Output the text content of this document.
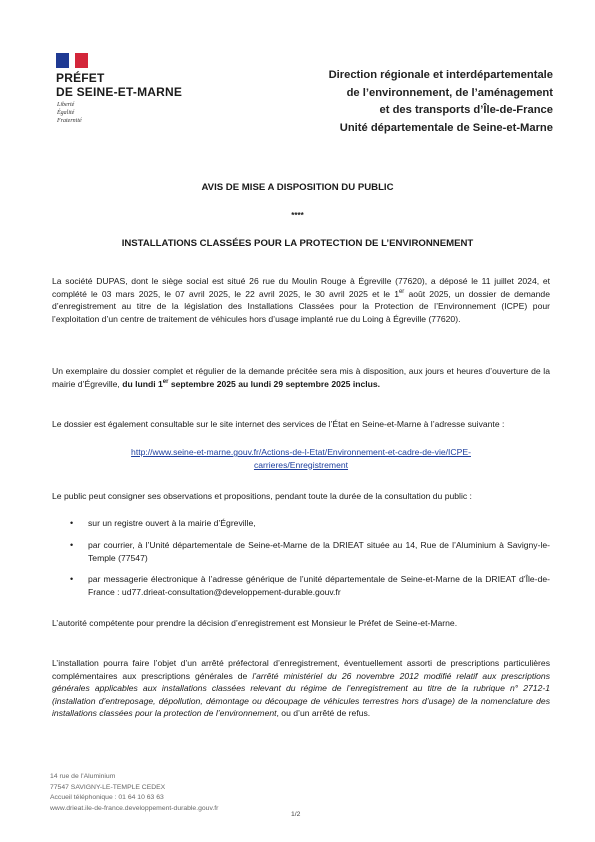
PRÉFET
DE SEINE-ET-MARNE
Liberté
Égalité
Fraternité
Direction régionale et interdépartementale
de l’environnement, de l’aménagement
et des transports d’Île-de-France
Unité départementale de Seine-et-Marne
AVIS DE MISE A DISPOSITION DU PUBLIC
****
INSTALLATIONS CLASSÉES POUR LA PROTECTION DE L’ENVIRONNEMENT
La société DUPAS, dont le siège social est situé 26 rue du Moulin Rouge à Égreville (77620), a déposé le 11 juillet 2024, et complété le 03 mars 2025, le 07 avril 2025, le 22 avril 2025, le 30 avril 2025 et le 1er août 2025, un dossier de demande d’enregistrement au titre de la législation des Installations Classées pour la Protection de l’Environnement (ICPE) pour l’exploitation d’un centre de traitement de véhicules hors d’usage implanté rue du Loing à Égreville (77620).
Un exemplaire du dossier complet et régulier de la demande précitée sera mis à disposition, aux jours et heures d’ouverture de la mairie d’Égreville, du lundi 1er septembre 2025 au lundi 29 septembre 2025 inclus.
Le dossier est également consultable sur le site internet des services de l’État en Seine-et-Marne à l’adresse suivante :
http://www.seine-et-marne.gouv.fr/Actions-de-l-Etat/Environnement-et-cadre-de-vie/ICPE-
carrieres/Enregistrement
Le public peut consigner ses observations et propositions, pendant toute la durée de la consultation du public :
• sur un registre ouvert à la mairie d’Égreville,
• par courrier, à l’Unité départementale de Seine-et-Marne de la DRIEAT située au 14, Rue de l’Aluminium à Savigny-le-Temple (77547)
• par messagerie électronique à l’adresse générique de l’unité départementale de Seine-et-Marne de la DRIEAT d’Île-de-France : ud77.drieat-consultation@developpement-durable.gouv.fr
L’autorité compétente pour prendre la décision d’enregistrement est Monsieur le Préfet de Seine-et-Marne.
L’installation pourra faire l’objet d’un arrêté préfectoral d’enregistrement, éventuellement assorti de prescriptions particulières complémentaires aux prescriptions générales de l’arrêté ministériel du 26 novembre 2012 modifié relatif aux prescriptions générales applicables aux installations classées relevant du régime de l’enregistrement au titre de la rubrique n° 2712-1 (installation d’entreposage, dépollution, démontage ou découpage de véhicules terrestres hors d’usage) de la nomenclature des installations classées pour la protection de l’environnement, ou d’un arrêté de refus.
14 rue de l’Aluminium
77547 SAVIGNY-LE-TEMPLE CEDEX
Accueil téléphonique : 01 64 10 63 63
www.drieat.ile-de-france.developpement-durable.gouv.fr
1/2
